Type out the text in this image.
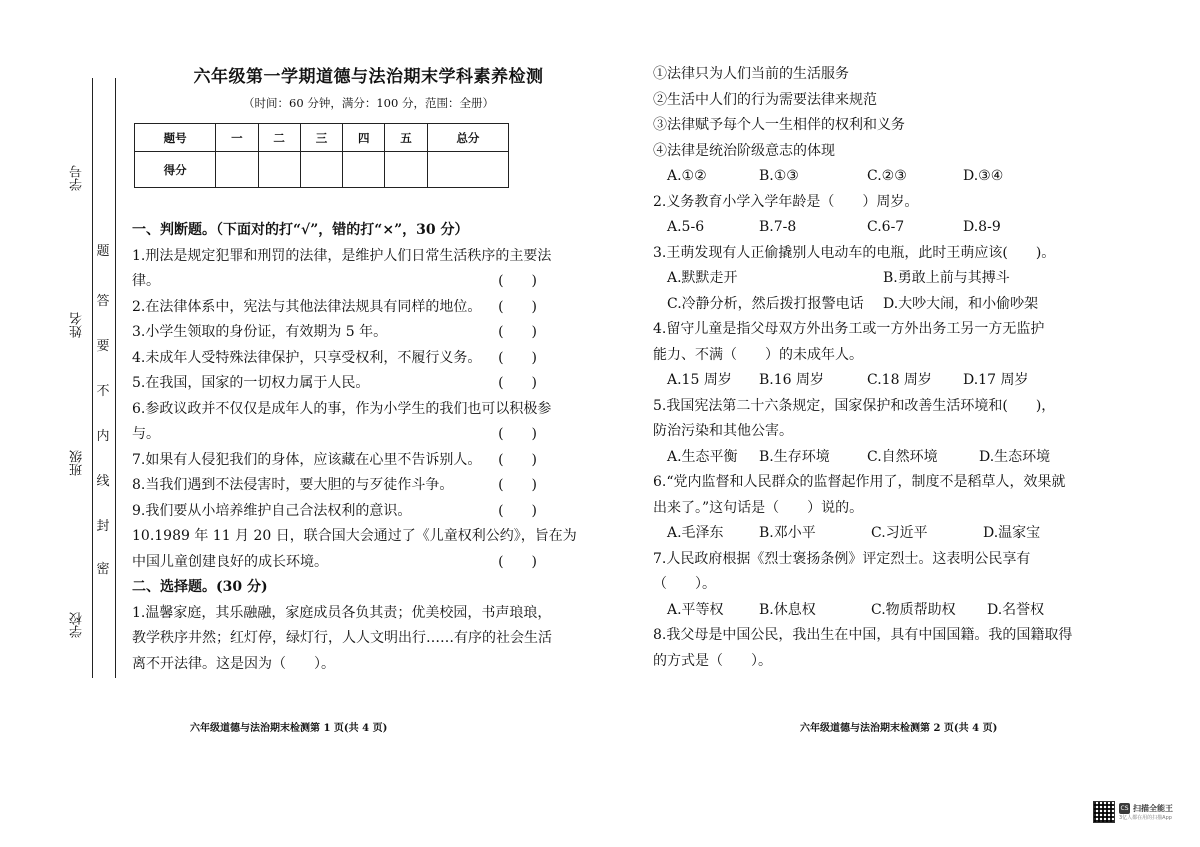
学号
姓名
班级
学校
题
答
要
不
内
线
封
密
六年级第一学期道德与法治期末学科素养检测
（时间：60 分钟，满分：100 分，范围：全册）
题号	一	二	三	四	五	总分
得分						
一、判断题。（下面对的打“√”，错的打“×”，30 分）
1.刑法是规定犯罪和刑罚的法律，是维护人们日常生活秩序的主要法
律。	(　　)
2.在法律体系中，宪法与其他法律法规具有同样的地位。 (　　)
3.小学生领取的身份证，有效期为 5 年。	(　　)
4.未成年人受特殊法律保护，只享受权利，不履行义务。 (　　)
5.在我国，国家的一切权力属于人民。	(　　)
6.参政议政并不仅仅是成年人的事，作为小学生的我们也可以积极参
与。	(　　)
7.如果有人侵犯我们的身体，应该藏在心里不告诉别人。 (　　)
8.当我们遇到不法侵害时，要大胆的与歹徒作斗争。	(　　)
9.我们要从小培养维护自己合法权利的意识。	(　　)
10.1989 年 11 月 20 日，联合国大会通过了《儿童权利公约》，旨在为
中国儿童创建良好的成长环境。	(　　)
二、选择题。(30 分)
1.温馨家庭，其乐融融，家庭成员各负其责；优美校园，书声琅琅，
教学秩序井然；红灯停，绿灯行，人人文明出行……有序的社会生活
离不开法律。这是因为（　　）。
六年级道德与法治期末检测第 1 页(共 4 页)
①法律只为人们当前的生活服务
②生活中人们的行为需要法律来规范
③法律赋予每个人一生相伴的权利和义务
④法律是统治阶级意志的体现
A.①②	B.①③	C.②③	D.③④
2.义务教育小学入学年龄是（　　）周岁。
A.5-6	B.7-8	C.6-7	D.8-9
3.王萌发现有人正偷撬别人电动车的电瓶，此时王萌应该(　　)。
A.默默走开	B.勇敢上前与其搏斗
C.冷静分析，然后拨打报警电话	D.大吵大闹，和小偷吵架
4.留守儿童是指父母双方外出务工或一方外出务工另一方无监护
能力、不满（　　）的未成年人。
A.15 周岁	B.16 周岁	C.18 周岁	D.17 周岁
5.我国宪法第二十六条规定，国家保护和改善生活环境和(　　)，
防治污染和其他公害。
A.生态平衡	B.生存环境	C.自然环境	D.生态环境
6.“党内监督和人民群众的监督起作用了，制度不是稻草人，效果就
出来了。”这句话是（　　）说的。
A.毛泽东	B.邓小平	C.习近平	D.温家宝
7.人民政府根据《烈士褒扬条例》评定烈士。这表明公民享有
（　　）。
A.平等权	B.休息权	C.物质帮助权	D.名誉权
8.我父母是中国公民，我出生在中国，具有中国国籍。我的国籍取得
的方式是（　　）。
六年级道德与法治期末检测第 2 页(共 4 页)
CS 扫描全能王
3亿人都在用的扫描App
